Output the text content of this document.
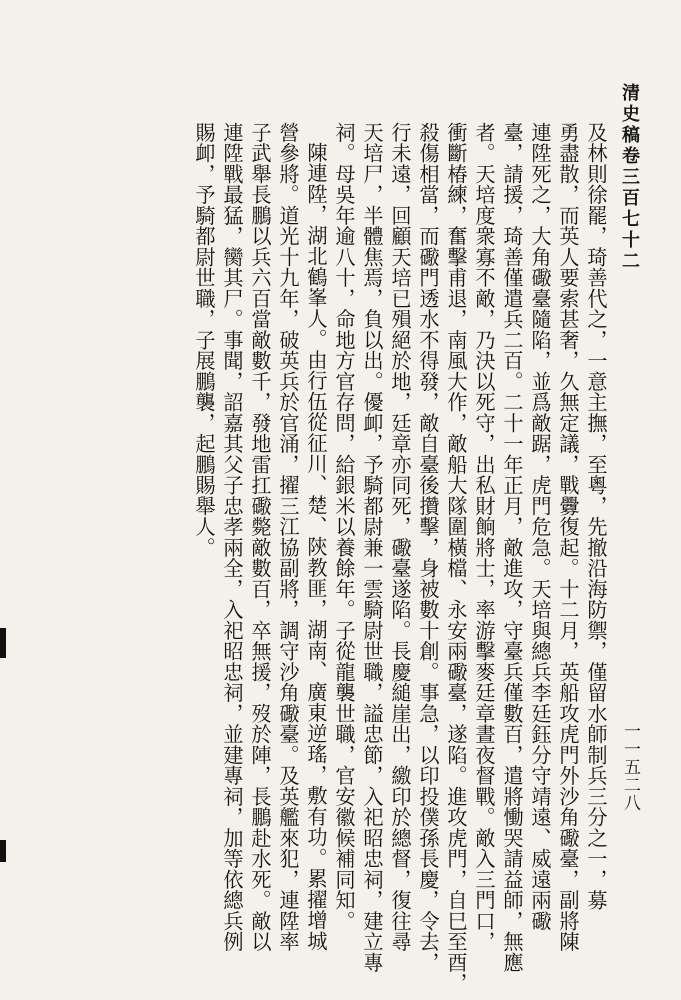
清史稿卷三百七十二
一一五二八
及林則徐罷，琦善代之，一意主撫，至粵，先撤沿海防禦，僅留水師制兵三分之一，募
勇盡散，而英人要索甚奢，久無定議，戰釁復起。十二月，英船攻虎門外沙角礮臺，副將陳
連陞死之，大角礮臺隨陷，並爲敵踞，虎門危急。天培與總兵李廷鈺分守靖遠、威遠兩礮
臺，請援，琦善僅遣兵二百。二十一年正月，敵進攻，守臺兵僅數百，遣將慟哭請益師，無應
者。天培度衆寡不敵，乃決以死守，出私財餉將士，率游擊麥廷章晝夜督戰。敵入三門口，
衝斷椿練，奮擊甫退，南風大作，敵船大隊圍橫檔、永安兩礮臺，遂陷。進攻虎門，自巳至酉，
殺傷相當，而礮門透水不得發，敵自臺後攢擊，身被數十創。事急，以印投僕孫長慶，令去，
行未遠，回顧天培已殞絕於地，廷章亦同死，礮臺遂陷。長慶縋崖出，繳印於總督，復往尋
天培尸，半體焦焉，負以出。優卹，予騎都尉兼一雲騎尉世職，謚忠節，入祀昭忠祠，建立專
祠。母吳年逾八十，命地方官存問，給銀米以養餘年。子從龍襲世職，官安徽候補同知。
陳連陞，湖北鶴峯人。由行伍從征川、楚、陝教匪，湖南、廣東逆瑤，敷有功。累擢增城
營參將。道光十九年，破英兵於官涌，擢三江協副將，調守沙角礮臺。及英艦來犯，連陞率
子武舉長鵬以兵六百當敵數千，發地雷扛礮斃敵數百，卒無援，歿於陣，長鵬赴水死。敵以
連陞戰最猛，臠其尸。事聞，詔嘉其父子忠孝兩全，入祀昭忠祠，並建專祠，加等依總兵例
賜卹，予騎都尉世職，子展鵬襲，起鵬賜舉人。
